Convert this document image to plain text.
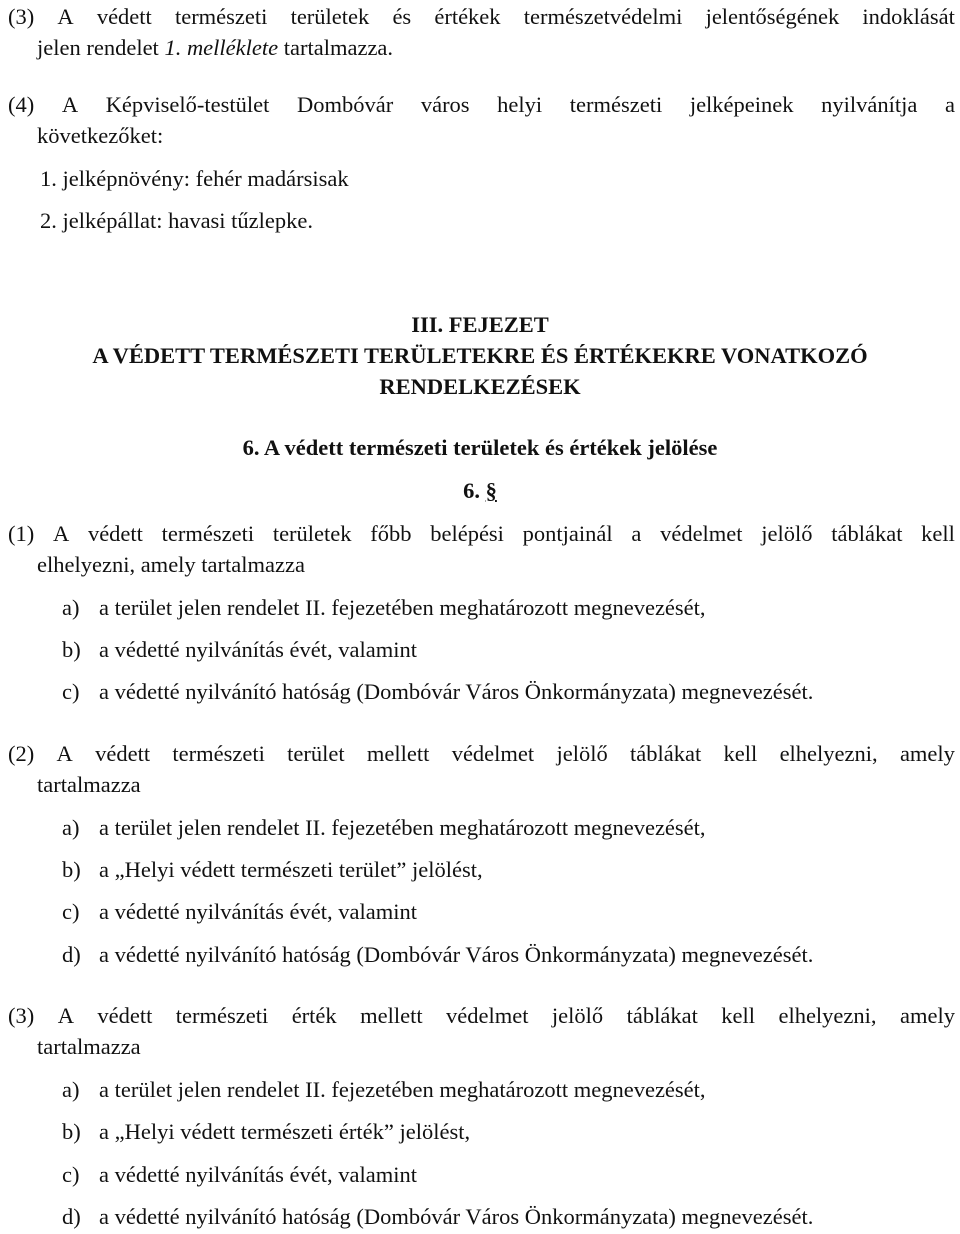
(3) A védett természeti területek és értékek természetvédelmi jelentőségének indoklását
jelen rendelet 1. melléklete tartalmazza.
(4) A Képviselő-testület Dombóvár város helyi természeti jelképeinek nyilvánítja a
következőket:
1. jelképnövény: fehér madársisak
2. jelképállat: havasi tűzlepke.
III. FEJEZET
A VÉDETT TERMÉSZETI TERÜLETEKRE ÉS ÉRTÉKEKRE VONATKOZÓ
RENDELKEZÉSEK
6. A védett természeti területek és értékek jelölése
6. §
(1) A védett természeti területek főbb belépési pontjainál a védelmet jelölő táblákat kell
elhelyezni, amely tartalmazza
a) a terület jelen rendelet II. fejezetében meghatározott megnevezését,
b) a védetté nyilvánítás évét, valamint
c) a védetté nyilvánító hatóság (Dombóvár Város Önkormányzata) megnevezését.
(2) A védett természeti terület mellett védelmet jelölő táblákat kell elhelyezni, amely
tartalmazza
a) a terület jelen rendelet II. fejezetében meghatározott megnevezését,
b) a „Helyi védett természeti terület” jelölést,
c) a védetté nyilvánítás évét, valamint
d) a védetté nyilvánító hatóság (Dombóvár Város Önkormányzata) megnevezését.
(3) A védett természeti érték mellett védelmet jelölő táblákat kell elhelyezni, amely
tartalmazza
a) a terület jelen rendelet II. fejezetében meghatározott megnevezését,
b) a „Helyi védett természeti érték” jelölést,
c) a védetté nyilvánítás évét, valamint
d) a védetté nyilvánító hatóság (Dombóvár Város Önkormányzata) megnevezését.
